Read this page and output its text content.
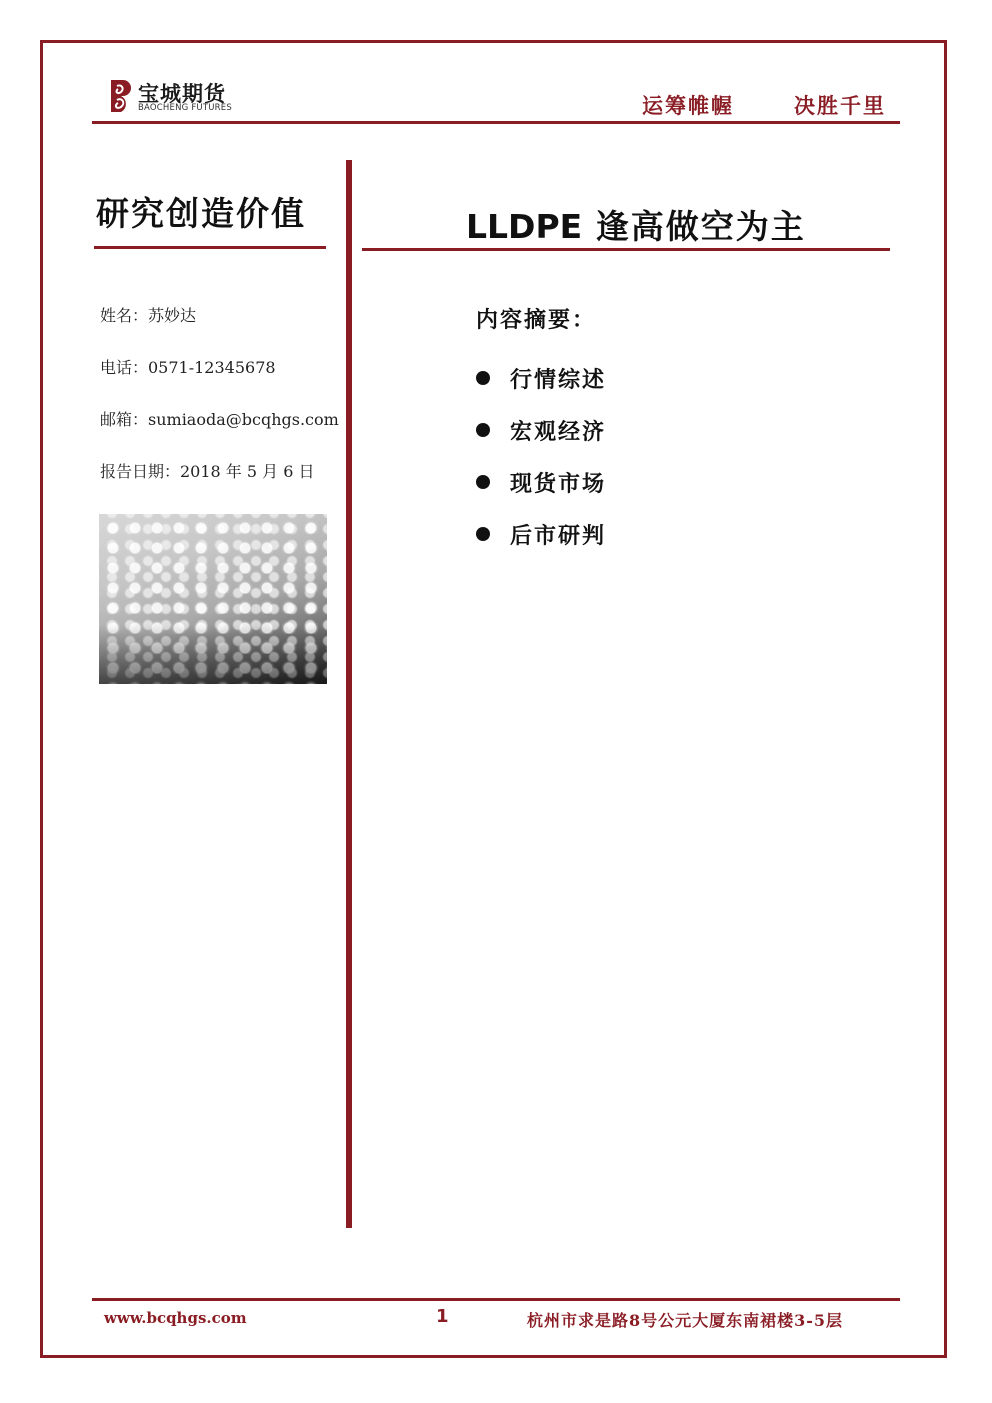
宝城期货
BAOCHENG FUTURES	运筹帷幄	决胜千里
研究创造价值
姓名：苏妙达
电话：0571-12345678
邮箱：sumiaoda@bcqhgs.com
报告日期：2018 年 5 月 6 日
LLDPE 逢高做空为主
内容摘要：
行情综述
宏观经济
现货市场
后市研判
www.bcqhgs.com	1	杭州市求是路8号公元大厦东南裙楼3-5层
